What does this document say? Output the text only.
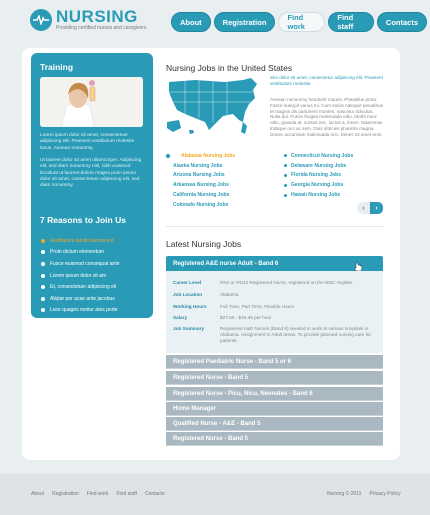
NURSING
Providing certified nurses and caregivers
About	Registration	Find work
Find staff	Contacts
Training
Lorem ipsum dolor sit amet, consectetuer adipiscing elit. Praesent vestibulum molestie lacus. Aenean nonummy.
Ut laoreet dolor sit amet ullamcorper. Adipiscing elit, sed diam nonummy nisl, nibh euismod tincidunt ut laoreet dolore magna proin ipsum dolor sit amet, consectetuer adipiscing elit, sed diam nonummy.
7 Reasons to Join Us
Vestibulum iaculis lacinia est
Proin dictum elementum
Fusce euismod consequat ante
Lorem ipsum dolor sit am
Et, consectetuer adipiscing eli
Aliqtar per acae ante jacobus
Luce quages meitur ates porte
Nursing Jobs in the United States
Sim dolor sit amet, consectetur adipiscing elit. Praesent vestibulum molestie.
Aenean nonummy hendrerit mauris. Phasellus porta. Fusce suscipit varius mi. Cum sociis natoque penatibus et magnis dis parturient montes, nascetur ridiculus. Nulla dui. Fusce feugiat malesuada odio. Morbi nunc odio, gravida at, cursus nec, luctus a, lorem. Maecenas tristique orci ac sem. Duis ultricies pharetra magna. Donec accumsan malesuada orci. Donec sit amet eros.
Alabama Nursing Jobs
Alaska Nursing Jobs
Arizona Nursing Jobs
Arkansas Nursing Jobs
California Nursing Jobs
Colorado Nursing Jobs
Connecticut Nursing Jobs
Delaware Nursing Jobs
Florida Nursing Jobs
Georgia Nursing Jobs
Hawaii Nursing Jobs
‹	›
Latest Nursing Jobs
Registered A&E nurse Adult - Band 6
Career Level	RN1 or RN12 Registered Nurse, registered on the NMC register
Job Location	Alabama
Working Hours	Full Time, Part Time, Flexible Hours
Salary	$27.60 - $46.46 per hour
Job Summary	Registered A&E Nurses (Band 6) needed to work at various hospitals in Alabama. Assignment in Adult areas. To provide planned nursing care for patients.
Registered Paediatric Nurse - Band 5 or 6
Registered Nurse - Band 5
Registered Nurse - Picu, Nicu, Neonates - Band 6
Home Manager
Qualified Nurse - A&E - Band 5
Registered Nurse - Band 5
About Registration Find work Find staff Contacts	Nursing © 2011 Privacy Policy
